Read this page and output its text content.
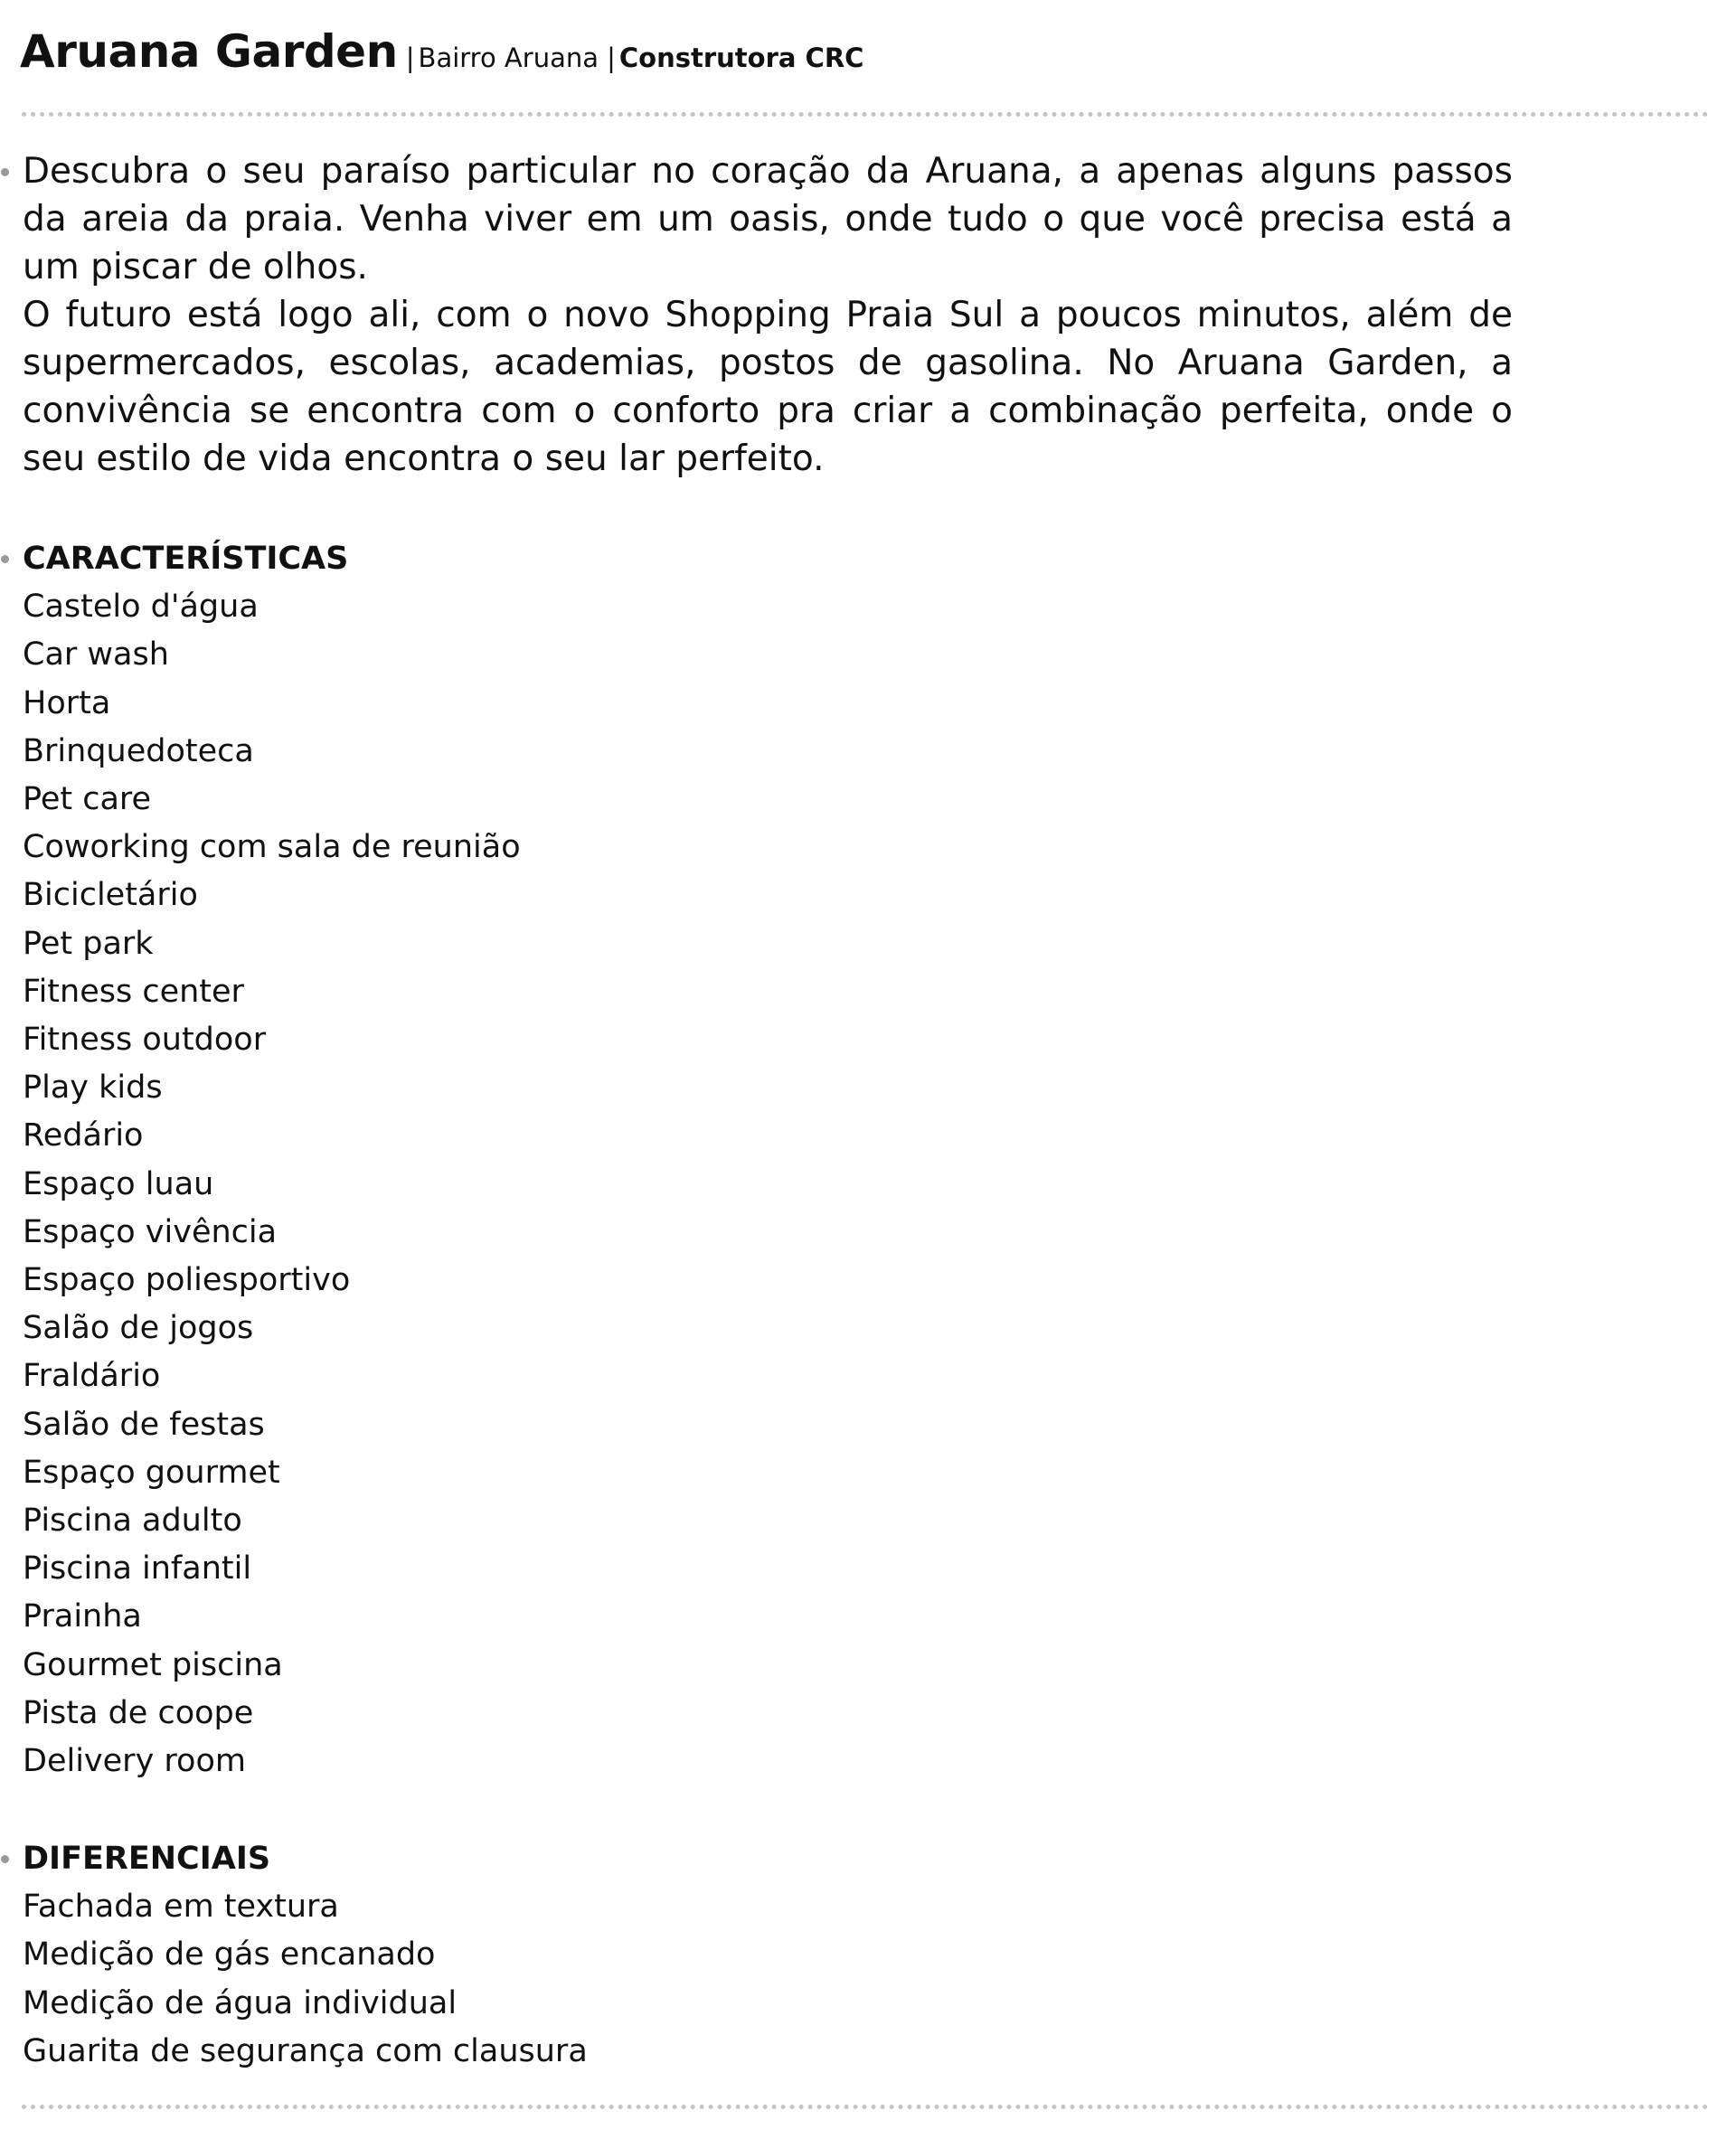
Aruana Garden | Bairro Aruana | Construtora CRC

Descubra o seu paraíso particular no coração da Aruana, a apenas alguns passos da areia da praia. Venha viver em um oasis, onde tudo o que você precisa está a um piscar de olhos.

O futuro está logo ali, com o novo Shopping Praia Sul a poucos minutos, além de supermercados, escolas, academias, postos de gasolina. No Aruana Garden, a convivência se encontra com o conforto pra criar a combinação perfeita, onde o seu estilo de vida encontra o seu lar perfeito.

CARACTERÍSTICAS
Castelo d'água
Car wash
Horta
Brinquedoteca
Pet care
Coworking com sala de reunião
Bicicletário
Pet park
Fitness center
Fitness outdoor
Play kids
Redário
Espaço luau
Espaço vivência
Espaço poliesportivo
Salão de jogos
Fraldário
Salão de festas
Espaço gourmet
Piscina adulto
Piscina infantil
Prainha
Gourmet piscina
Pista de coope
Delivery room
DIFERENCIAIS
Fachada em textura
Medição de gás encanado
Medição de água individual
Guarita de segurança com clausura
